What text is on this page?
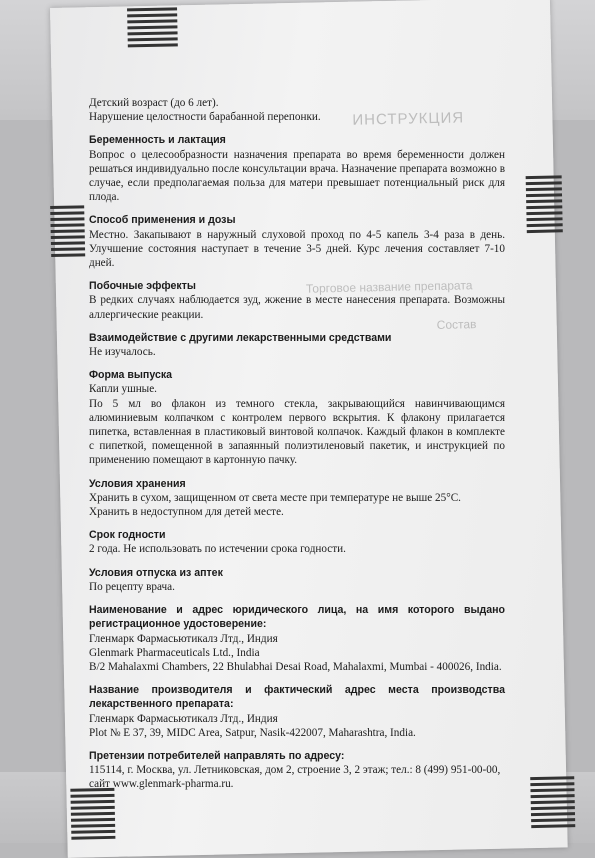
ИНСТРУКЦИЯ
Торговое название препарата
Состав

Детский возраст (до 6 лет).

Нарушение целостности барабанной перепонки.

Беременность и лактация

Вопрос о целесообразности назначения препарата во время беременности должен решаться индивидуально после консультации врача. Назначение препарата возможно в случае, если предполагаемая польза для матери превышает потенциальный риск для плода.

Способ применения и дозы

Местно. Закапывают в наружный слуховой проход по 4-5 капель 3-4 раза в день. Улучшение состояния наступает в течение 3-5 дней. Курс лечения составляет 7-10 дней.

Побочные эффекты

В редких случаях наблюдается зуд, жжение в месте нанесения препарата. Возможны аллергические реакции.

Взаимодействие с другими лекарственными средствами

Не изучалось.

Форма выпуска

Капли ушные.

По 5 мл во флакон из темного стекла, закрывающийся навинчивающимся алюминиевым колпачком с контролем первого вскрытия. К флакону прилагается пипетка, вставленная в пластиковый винтовой колпачок. Каждый флакон в комплекте с пипеткой, помещенной в запаянный полиэтиленовый пакетик, и инструкцией по применению помещают в картонную пачку.

Условия хранения

Хранить в сухом, защищенном от света месте при температуре не выше 25°С.

Хранить в недоступном для детей месте.

Срок годности

2 года. Не использовать по истечении срока годности.

Условия отпуска из аптек

По рецепту врача.

Наименование и адрес юридического лица, на имя которого выдано регистрационное удостоверение:

Гленмарк Фармасьютикалз Лтд., Индия

Glenmark Pharmaceuticals Ltd., India

B/2 Mahalaxmi Chambers, 22 Bhulabhai Desai Road, Mahalaxmi, Mumbai - 400026, India.

Название производителя и фактический адрес места производства лекарственного препарата:

Гленмарк Фармасьютикалз Лтд., Индия

Plot № E 37, 39, MIDC Area, Satpur, Nasik-422007, Maharashtra, India.

Претензии потребителей направлять по адресу:

115114, г. Москва, ул. Летниковская, дом 2, строение 3, 2 этаж; тел.: 8 (499) 951-00-00,

сайт www.glenmark-pharma.ru.
